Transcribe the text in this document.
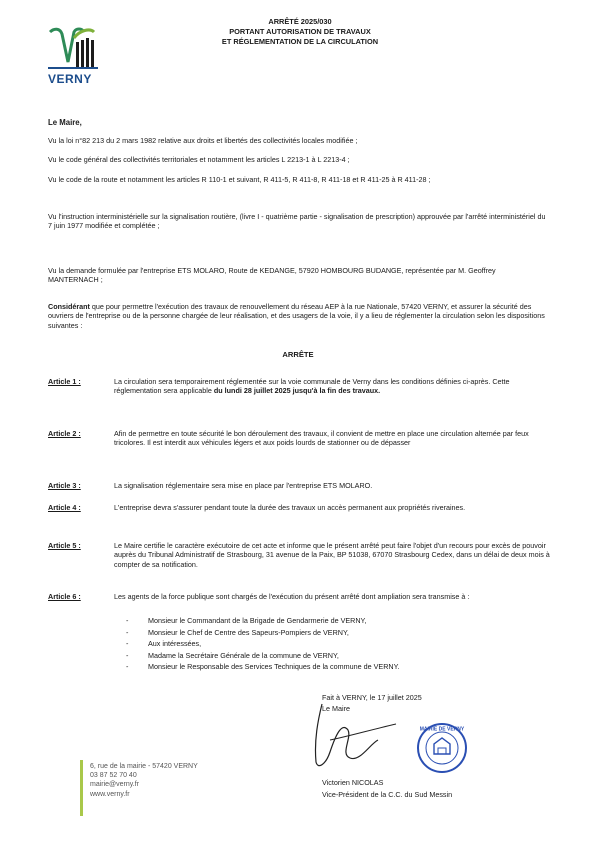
VERNY
ARRÊTÉ 2025/030
PORTANT AUTORISATION DE TRAVAUX
ET RÉGLEMENTATION DE LA CIRCULATION
Le Maire,
Vu la loi n°82 213 du 2 mars 1982 relative aux droits et libertés des collectivités locales modifiée ;
Vu le code général des collectivités territoriales et notamment les articles L 2213-1 à L 2213-4 ;
Vu le code de la route et notamment les articles R 110-1 et suivant, R 411-5, R 411-8, R 411-18 et R 411-25 à R 411-28 ;
Vu l'instruction interministérielle sur la signalisation routière, (livre I - quatrième partie - signalisation de prescription) approuvée par l'arrêté interministériel du 7 juin 1977 modifiée et complétée ;
Vu la demande formulée par l'entreprise ETS MOLARO, Route de KEDANGE, 57920 HOMBOURG BUDANGE, représentée par M. Geoffrey MANTERNACH ;
Considérant que pour permettre l'exécution des travaux de renouvellement du réseau AEP à la rue Nationale, 57420 VERNY, et assurer la sécurité des ouvriers de l'entreprise ou de la personne chargée de leur réalisation, et des usagers de la voie, il y a lieu de réglementer la circulation selon les dispositions suivantes :
ARRÊTE
Article 1 :	La circulation sera temporairement réglementée sur la voie communale de Verny dans les conditions définies ci-après. Cette réglementation sera applicable du lundi 28 juillet 2025 jusqu'à la fin des travaux.
Article 2 :	Afin de permettre en toute sécurité le bon déroulement des travaux, il convient de mettre en place une circulation alternée par feux tricolores. Il est interdit aux véhicules légers et aux poids lourds de stationner ou de dépasser
Article 3 :	La signalisation réglementaire sera mise en place par l'entreprise ETS MOLARO.
Article 4 :	L'entreprise devra s'assurer pendant toute la durée des travaux un accès permanent aux propriétés riveraines.
Article 5 :	Le Maire certifie le caractère exécutoire de cet acte et informe que le présent arrêté peut faire l'objet d'un recours pour excès de pouvoir auprès du Tribunal Administratif de Strasbourg, 31 avenue de la Paix, BP 51038, 67070 Strasbourg Cedex, dans un délai de deux mois à compter de sa notification.
Article 6 :	Les agents de la force publique sont chargés de l'exécution du présent arrêté dont ampliation sera transmise à :
-	Monsieur le Commandant de la Brigade de Gendarmerie de VERNY,
-	Monsieur le Chef de Centre des Sapeurs-Pompiers de VERNY,
-	Aux intéressées,
-	Madame la Secrétaire Générale de la commune de VERNY,
-	Monsieur le Responsable des Services Techniques de la commune de VERNY.
Fait à VERNY, le 17 juillet 2025
Le Maire
MAIRIE DE VERNY
Victorien NICOLAS
Vice-Président de la C.C. du Sud Messin
6, rue de la mairie - 57420 VERNY
03 87 52 70 40
mairie@verny.fr
www.verny.fr
